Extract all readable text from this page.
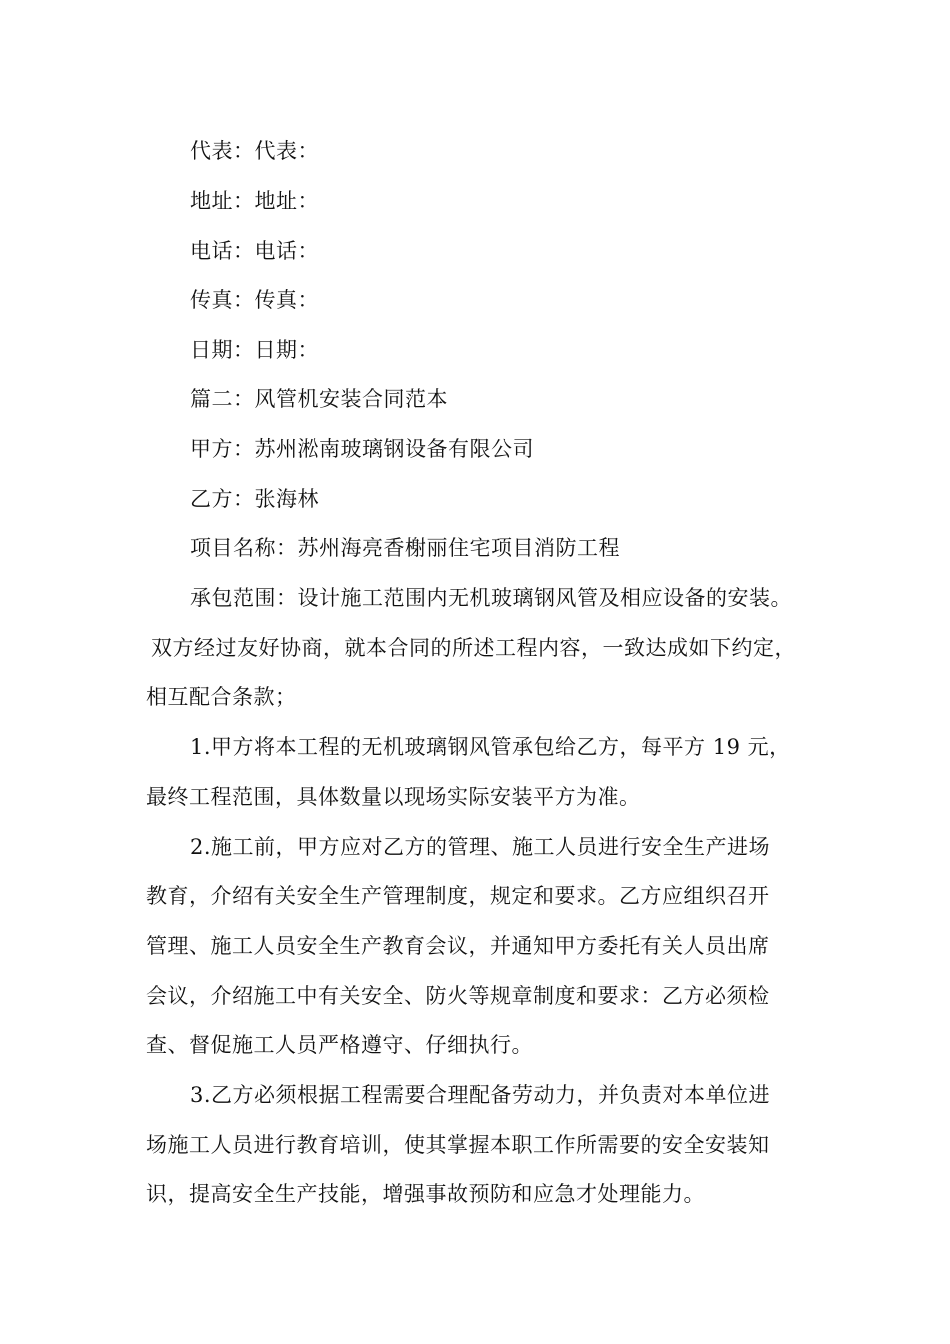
代表：代表：
地址：地址：
电话：电话：
传真：传真：
日期：日期：
篇二：风管机安装合同范本
甲方：苏州淞南玻璃钢设备有限公司
乙方：张海林
项目名称：苏州海亮香榭丽住宅项目消防工程
承包范围：设计施工范围内无机玻璃钢风管及相应设备的安装。
双方经过友好协商，就本合同的所述工程内容，一致达成如下约定，
相互配合条款；
1.甲方将本工程的无机玻璃钢风管承包给乙方，每平方 19 元，
最终工程范围，具体数量以现场实际安装平方为准。
2.施工前，甲方应对乙方的管理、施工人员进行安全生产进场
教育，介绍有关安全生产管理制度，规定和要求。乙方应组织召开
管理、施工人员安全生产教育会议，并通知甲方委托有关人员出席
会议，介绍施工中有关安全、防火等规章制度和要求：乙方必须检
查、督促施工人员严格遵守、仔细执行。
3.乙方必须根据工程需要合理配备劳动力，并负责对本单位进
场施工人员进行教育培训，使其掌握本职工作所需要的安全安装知
识，提高安全生产技能，增强事故预防和应急才处理能力。
